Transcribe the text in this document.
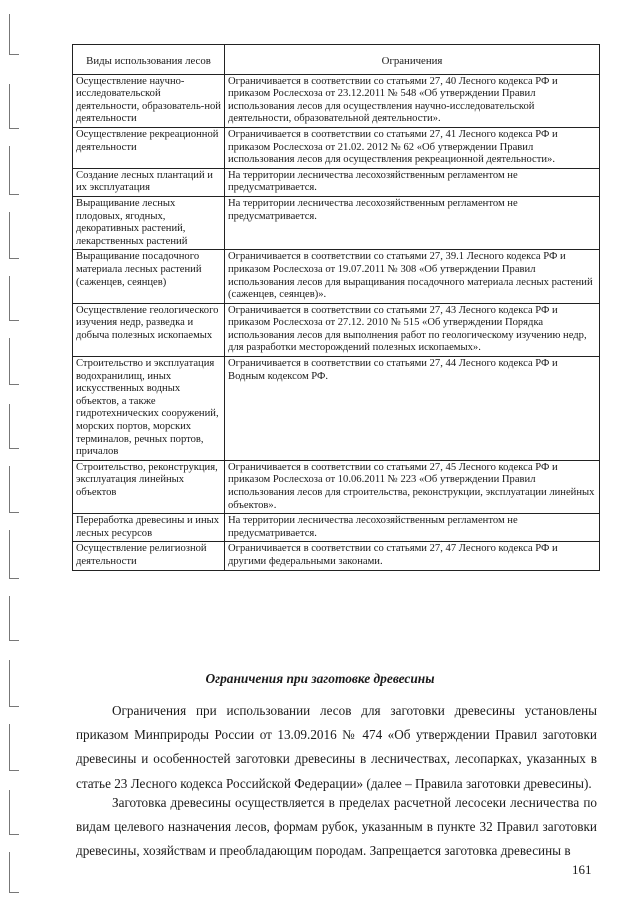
Виды использования лесов	Ограничения
Осуществление научно-исследовательской деятельности, образователь-ной деятельности	Ограничивается в соответствии со статьями 27, 40 Лесного кодекса РФ и приказом Рослесхоза от 23.12.2011 № 548 «Об утверждении Правил использования лесов для осуществления научно-исследовательской деятельности, образовательной деятельности».
Осуществление рекреационной деятельности	Ограничивается в соответствии со статьями 27, 41 Лесного кодекса РФ и приказом Рослесхоза от 21.02. 2012 № 62 «Об утверждении Правил использования лесов для осуществления рекреационной деятельности».
Создание лесных плантаций и их эксплуатация	На территории лесничества лесохозяйственным регламентом не предусматривается.
Выращивание лесных плодовых, ягодных, декоративных растений, лекарственных растений	На территории лесничества лесохозяйственным регламентом не предусматривается.
Выращивание посадочного материала лесных растений (саженцев, сеянцев)	Ограничивается в соответствии со статьями 27, 39.1 Лесного кодекса РФ и приказом Рослесхоза от 19.07.2011 № 308 «Об утверждении Правил использования лесов для выращивания посадочного материала лесных растений (саженцев, сеянцев)».
Осуществление геологического изучения недр, разведка и добыча полезных ископаемых	Ограничивается в соответствии со статьями 27, 43 Лесного кодекса РФ и приказом Рослесхоза от 27.12. 2010 № 515 «Об утверждении Порядка использования лесов для выполнения работ по геологическому изучению недр, для разработки месторождений полезных ископаемых».
Строительство и эксплуатация водохранилищ, иных искусственных водных объектов, а также гидротехнических сооружений, морских портов, морских терминалов, речных портов, причалов	Ограничивается в соответствии со статьями 27, 44 Лесного кодекса РФ и Водным кодексом РФ.
Строительство, реконструкция, эксплуатация линейных объектов	Ограничивается в соответствии со статьями 27, 45 Лесного кодекса РФ и приказом Рослесхоза от 10.06.2011 № 223 «Об утверждении Правил использования лесов для строительства, реконструкции, эксплуатации линейных объектов».
Переработка древесины и иных лесных ресурсов	На территории лесничества лесохозяйственным регламентом не предусматривается.
Осуществление религиозной деятельности	Ограничивается в соответствии со статьями 27, 47 Лесного кодекса РФ и другими федеральными законами.
Ограничения при заготовке древесины
Ограничения при использовании лесов для заготовки древесины установлены приказом Минприроды России от 13.09.2016 № 474 «Об утверждении Правил заготовки древесины и особенностей заготовки древесины в лесничествах, лесопарках, указанных в статье 23 Лесного кодекса Российской Федерации» (далее – Правила заготовки древесины).
Заготовка древесины осуществляется в пределах расчетной лесосеки лесничества по видам целевого назначения лесов, формам рубок, указанным в пункте 32 Правил заготовки древесины, хозяйствам и преобладающим породам. Запрещается заготовка древесины в
161
